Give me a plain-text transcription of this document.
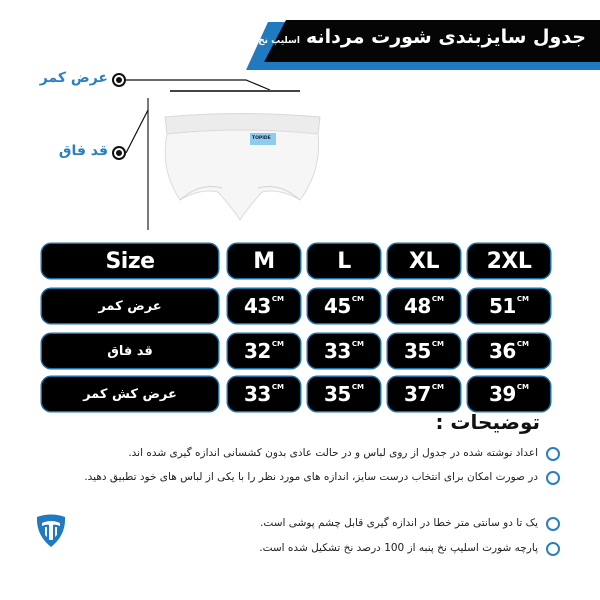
جدول سایزبندی شورت مردانه
اسلیپ نخ پنبه
TOPIDE
عرض کمر
قد فاق
Size	M	L	XL 2XL
عرض کمر	43 CM 45 CM 48 CM 51 CM
قد فاق	32 CM 33 CM 35 CM 36 CM
عرض کش کمر	33 CM 35 CM 37 CM 39 CM
توضیحات :
اعداد نوشته شده در جدول از روی لباس و در حالت عادی بدون کشسانی اندازه گیری شده اند.
در صورت امکان برای انتخاب درست سایز، اندازه های مورد نظر را با یکی از لباس های خود تطبیق دهید.
یک تا دو سانتی متر خطا در اندازه گیری قابل چشم پوشی است.
پارچه شورت اسلیپ نخ پنبه از 100 درصد نخ تشکیل شده است.
